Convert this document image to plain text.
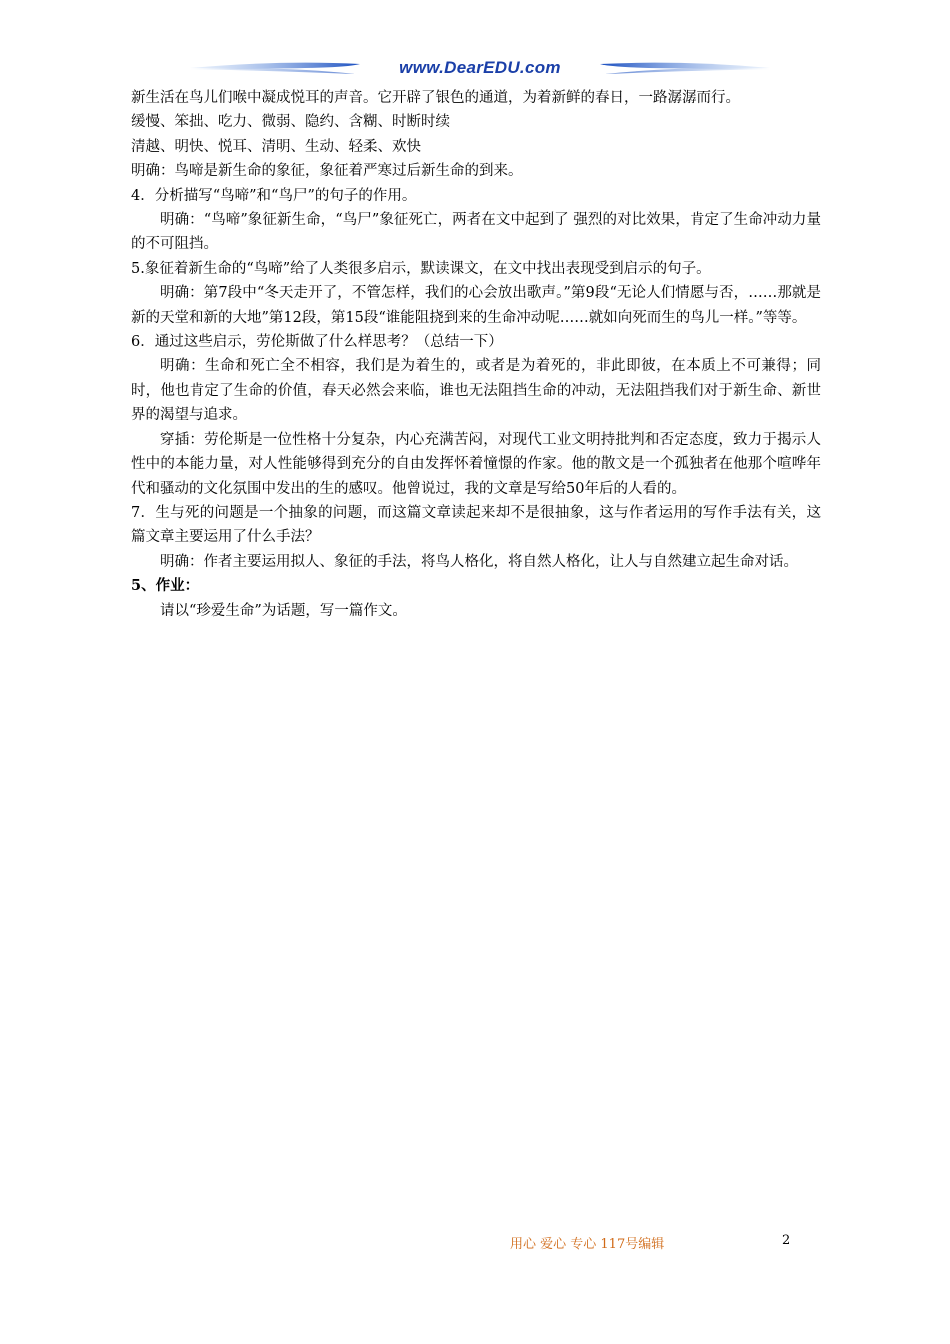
www.DearEDU.com

新生活在鸟儿们喉中凝成悦耳的声音。它开辟了银色的通道，为着新鲜的春日，一路潺潺而行。

缓慢、笨拙、吃力、微弱、隐约、含糊、时断时续

清越、明快、悦耳、清明、生动、轻柔、欢快

明确：鸟啼是新生命的象征，象征着严寒过后新生命的到来。

4．分析描写“鸟啼”和“鸟尸”的句子的作用。

明确：“鸟啼”象征新生命，“鸟尸”象征死亡，两者在文中起到了 强烈的对比效果，肯定了生命冲动力量的不可阻挡。

5.象征着新生命的“鸟啼”给了人类很多启示，默读课文，在文中找出表现受到启示的句子。

明确：第7段中“冬天走开了，不管怎样，我们的心会放出歌声。”第9段“无论人们情愿与否，……那就是新的天堂和新的大地”第12段，第15段“谁能阻挠到来的生命冲动呢……就如向死而生的鸟儿一样。”等等。

6．通过这些启示，劳伦斯做了什么样思考？（总结一下）

明确：生命和死亡全不相容，我们是为着生的，或者是为着死的，非此即彼，在本质上不可兼得；同时，他也肯定了生命的价值，春天必然会来临，谁也无法阻挡生命的冲动，无法阻挡我们对于新生命、新世界的渴望与追求。

穿插：劳伦斯是一位性格十分复杂，内心充满苦闷，对现代工业文明持批判和否定态度，致力于揭示人性中的本能力量，对人性能够得到充分的自由发挥怀着憧憬的作家。他的散文是一个孤独者在他那个喧哗年代和骚动的文化氛围中发出的生的感叹。他曾说过，我的文章是写给50年后的人看的。

7．生与死的问题是一个抽象的问题，而这篇文章读起来却不是很抽象，这与作者运用的写作手法有关，这篇文章主要运用了什么手法？

明确：作者主要运用拟人、象征的手法，将鸟人格化，将自然人格化，让人与自然建立起生命对话。

5、作业：

请以“珍爱生命”为话题，写一篇作文。

用心 爱心 专心 117号编辑	2
